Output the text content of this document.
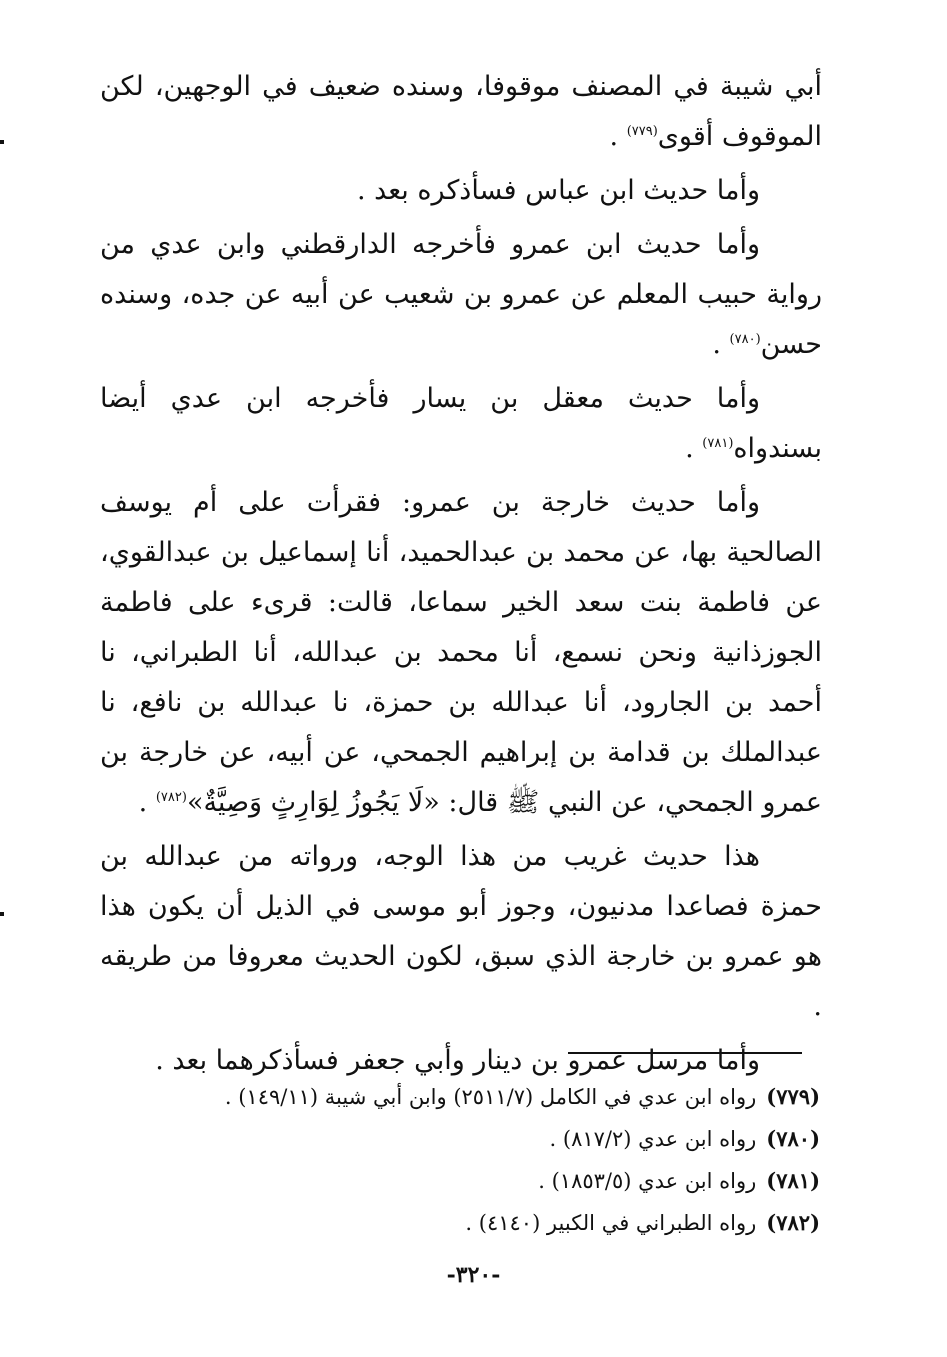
أبي شيبة في المصنف موقوفا، وسنده ضعيف في الوجهين، لكن الموقوف أقوى$^{(٧٧٩)}$ .

وأما حديث ابن عباس فسأذكره بعد .

وأما حديث ابن عمرو فأخرجه الدارقطني وابن عدي من رواية حبيب المعلم عن عمرو بن شعيب عن أبيه عن جده، وسنده حسن$^{(٧٨٠)}$ .

وأما حديث معقل بن يسار فأخرجه ابن عدي أيضا بسندواه$^{(٧٨١)}$ .

وأما حديث خارجة بن عمرو: فقرأت على أم يوسف الصالحية بها، عن محمد بن عبدالحميد، أنا إسماعيل بن عبدالقوي، عن فاطمة بنت سعد الخير سماعا، قالت: قرىء على فاطمة الجوزذانية ونحن نسمع، أنا محمد بن عبدالله، أنا الطبراني، نا أحمد بن الجارود، أنا عبدالله بن حمزة، نا عبدالله بن نافع، نا عبدالملك بن قدامة بن إبراهيم الجمحي، عن أبيه، عن خارجة بن عمرو الجمحي، عن النبي ﷺ قال: «لَا يَجُوزُ لِوَارِثٍ وَصِيَّةٌ»$^{(٧٨٢)}$ .

هذا حديث غريب من هذا الوجه، ورواته من عبدالله بن حمزة فصاعدا مدنيون، وجوز أبو موسى في الذيل أن يكون هذا هو عمرو بن خارجة الذي سبق، لكون الحديث معروفا من طريقه .

وأما مرسل عمرو بن دينار وأبي جعفر فسأذكرهما بعد .

(٧٧٩)رواه ابن عدي في الكامل (٢٥١١/٧) وابن أبي شيبة (١٤٩/١١) .
(٧٨٠)رواه ابن عدي (٨١٧/٢) .
(٧٨١)رواه ابن عدي (١٨٥٣/٥) .
(٧٨٢)رواه الطبراني في الكبير (٤١٤٠) .
-٣٢٠-
